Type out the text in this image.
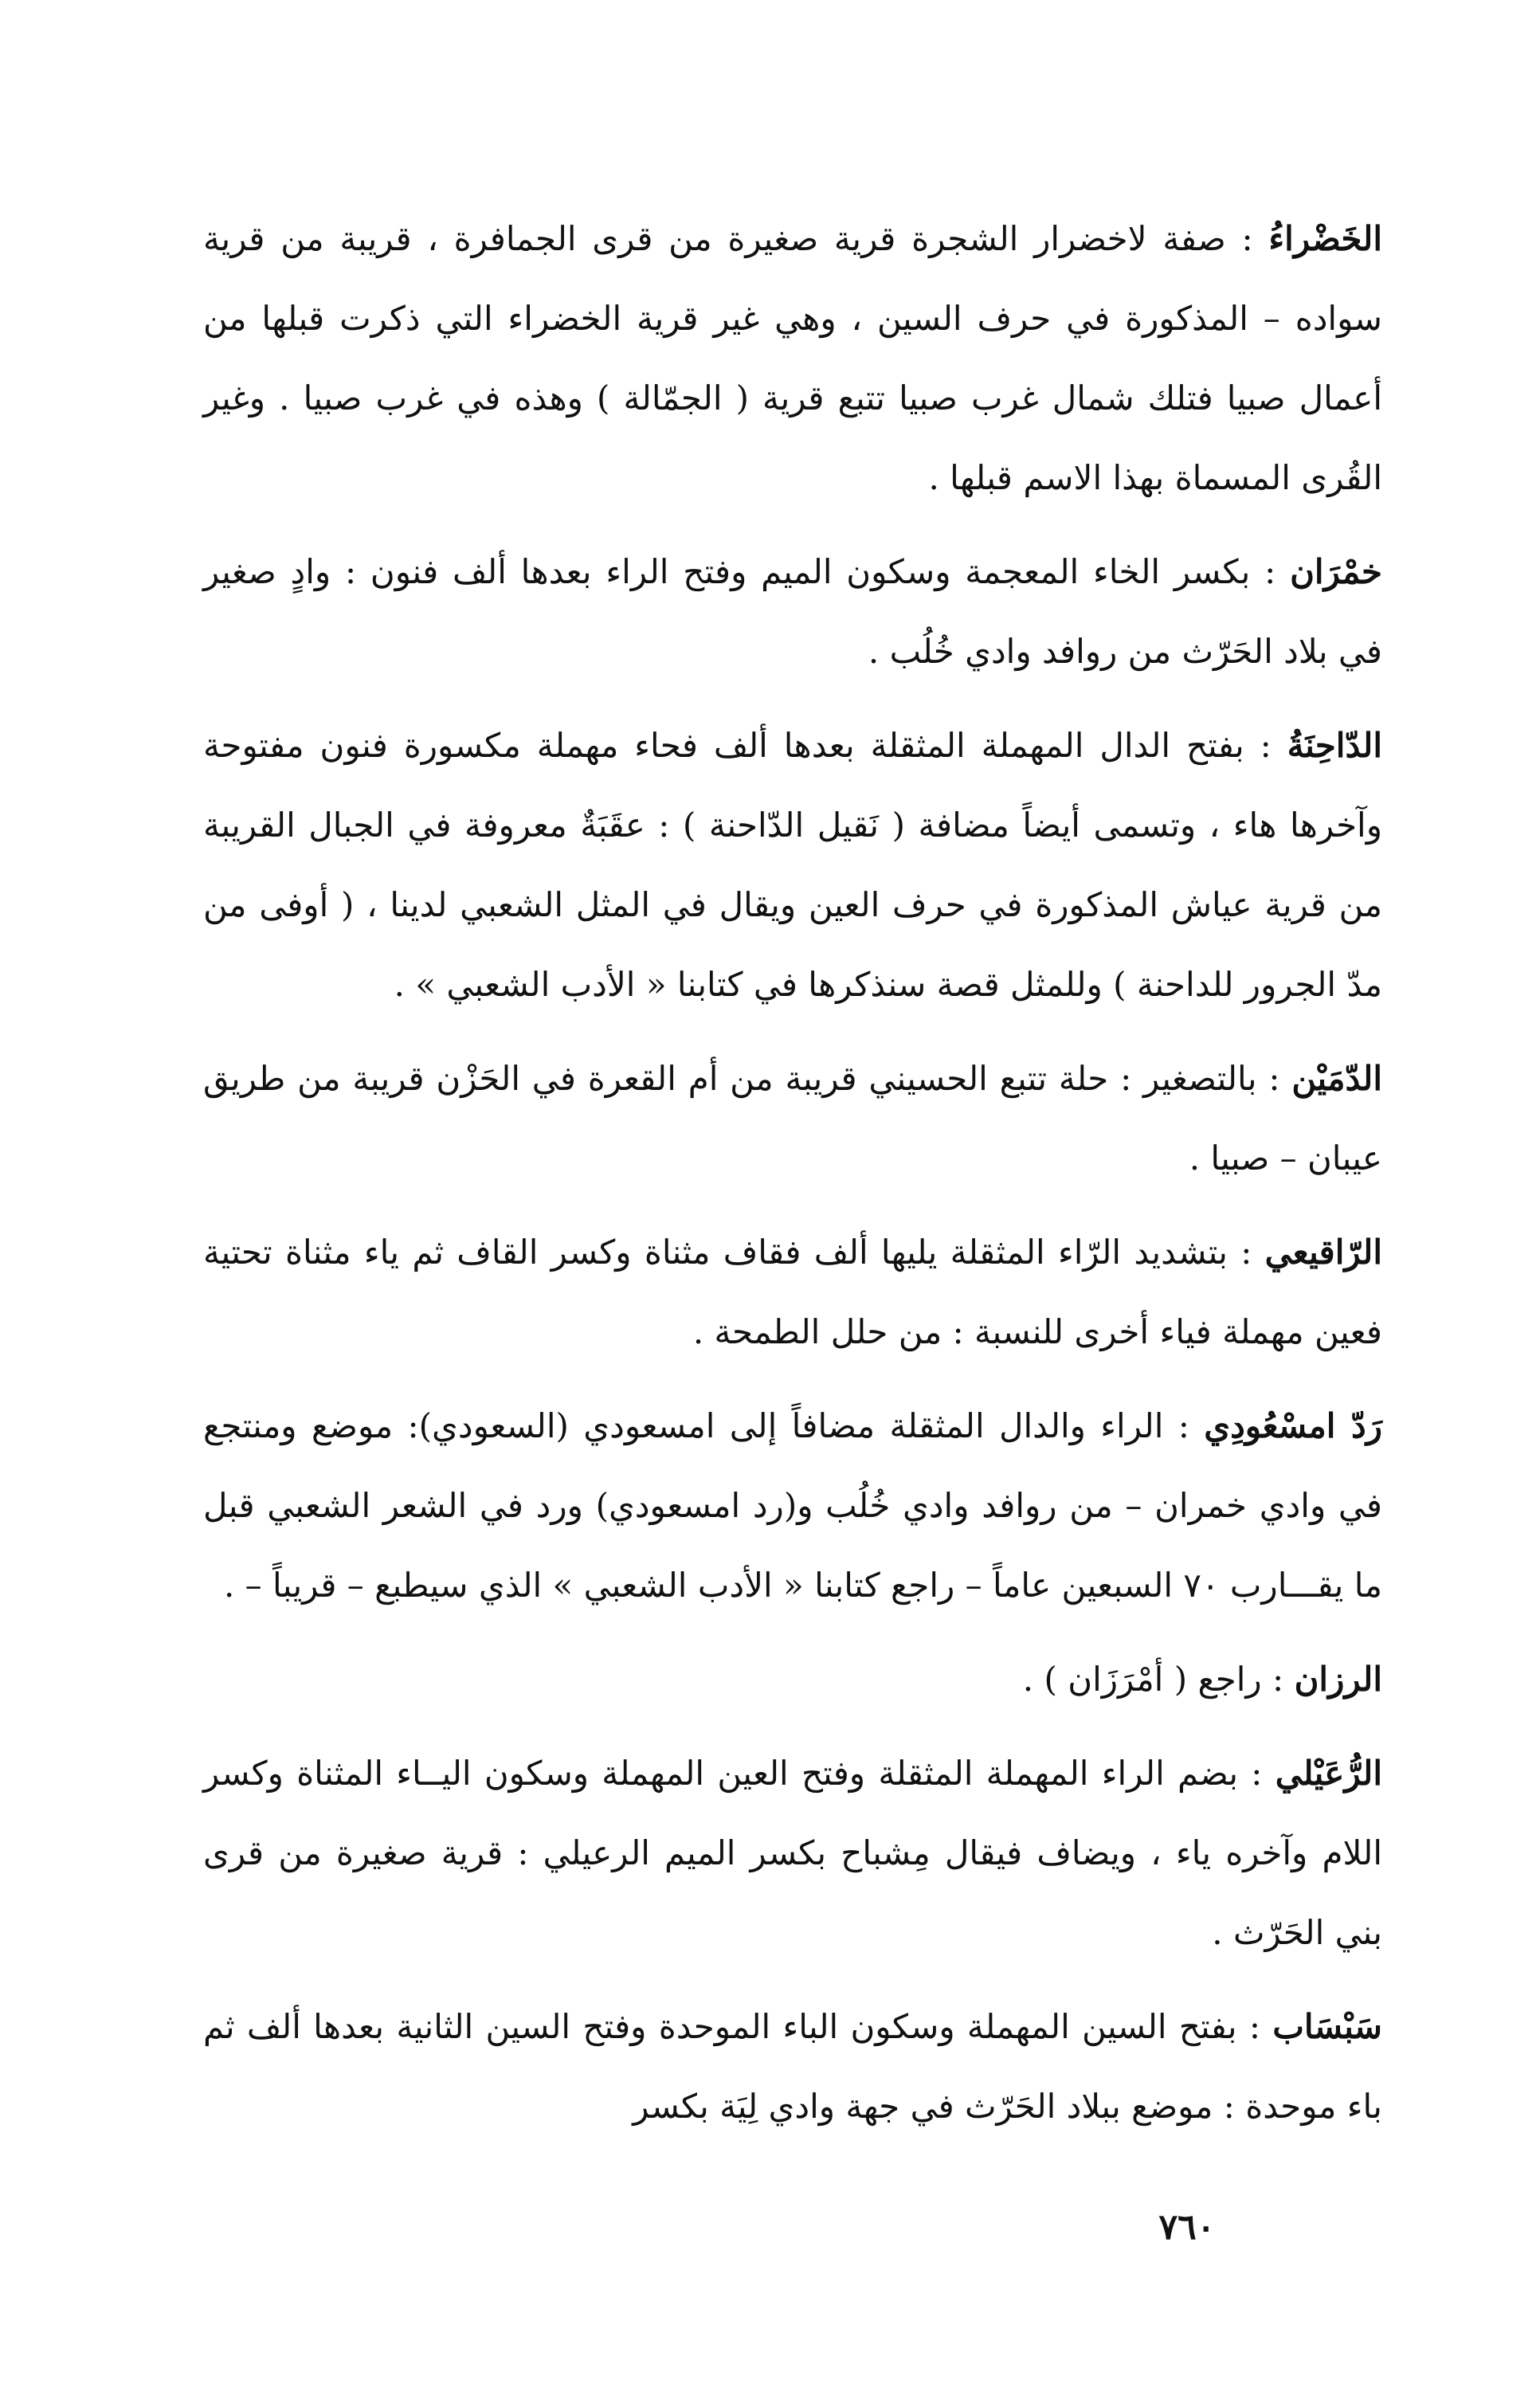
الخَضْراءُ : صفة لاخضرار الشجرة قرية صغيرة من قرى الجمافرة ، قريبة من قرية سواده – المذكورة في حرف السين ، وهي غير قرية الخضراء التي ذكرت قبلها من أعمال صبيا فتلك شمال غرب صبيا تتبع قرية ( الجمّالة ) وهذه في غرب صبيا . وغير القُرى المسماة بهذا الاسم قبلها .

خمْرَان : بكسر الخاء المعجمة وسكون الميم وفتح الراء بعدها ألف فنون : وادٍ صغير في بلاد الحَرّث من روافد وادي خُلُب .

الدّاحِنَةُ : بفتح الدال المهملة المثقلة بعدها ألف فحاء مهملة مكسورة فنون مفتوحة وآخرها هاء ، وتسمى أيضاً مضافة ( نَقيل الدّاحنة ) : عقَبَةٌ معروفة في الجبال القريبة من قرية عياش المذكورة في حرف العين ويقال في المثل الشعبي لدينا ، ( أوفى من مدّ الجرور للداحنة ) وللمثل قصة سنذكرها في كتابنا « الأدب الشعبي » .

الدّمَيْن : بالتصغير : حلة تتبع الحسيني قريبة من أم القعرة في الحَزْن قريبة من طريق عيبان – صبيا .

الرّاقيعي : بتشديد الرّاء المثقلة يليها ألف فقاف مثناة وكسر القاف ثم ياء مثناة تحتية فعين مهملة فياء أخرى للنسبة : من حلل الطمحة .

رَدّ امسْعُودِي : الراء والدال المثقلة مضافاً إلى امسعودي (السعودي): موضع ومنتجع في وادي خمران – من روافد وادي خُلُب و(رد امسعودي) ورد في الشعر الشعبي قبل ما يقـــارب ٧٠ السبعين عاماً – راجع كتابنا « الأدب الشعبي » الذي سيطبع – قريباً – .

الرزان : راجع ( أمْرَزَان ) .

الرُّعَيْلي : بضم الراء المهملة المثقلة وفتح العين المهملة وسكون اليــاء المثناة وكسر اللام وآخره ياء ، ويضاف فيقال مِشباح بكسر الميم الرعيلي : قرية صغيرة من قرى بني الحَرّث .

سَبْسَاب : بفتح السين المهملة وسكون الباء الموحدة وفتح السين الثانية بعدها ألف ثم باء موحدة : موضع ببلاد الحَرّث في جهة وادي لِيَة بكسر

٧٦٠
